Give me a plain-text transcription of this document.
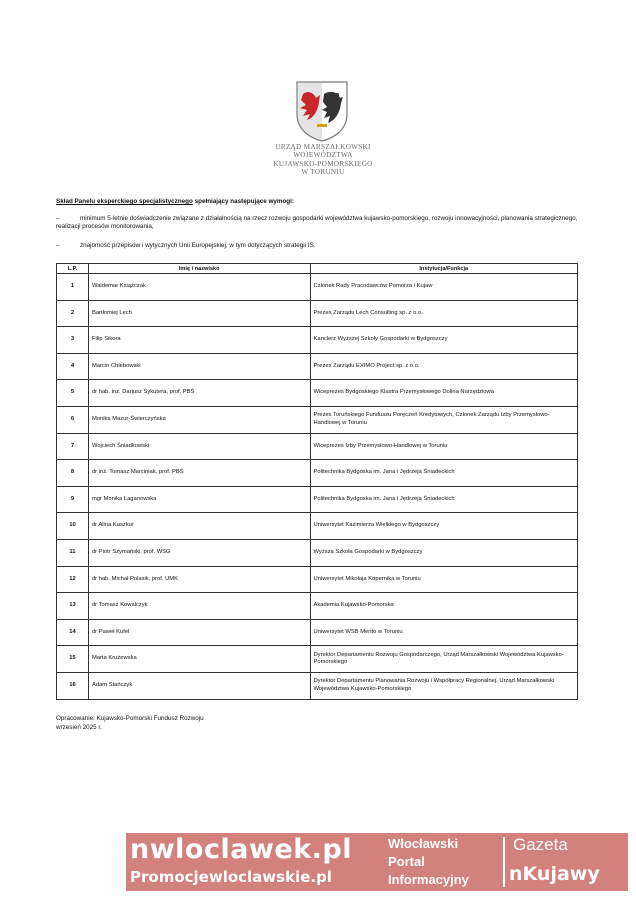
URZĄD MARSZAŁKOWSKI
WOJEWÓDZTWA
KUJAWSKO-POMORSKIEGO
W TORUNIU
Skład Panelu eksperckiego specjalistycznego spełniający następujące wymogi:
–	minimum 5-letnie doświadczenie związane z działalnością na rzecz rozwoju gospodarki województwa kujawsko-pomorskiego, rozwoju innowacyjności, planowania strategicznego, realizacji procesów monitorowania,
–	znajomość przepisów i wytycznych Unii Europejskiej, w tym dotyczących strategii IS.
L.P.	Imię i nazwisko	Instytucja/Funkcja
1	Waldemar Książczak	Członek Rady Pracodawców Pomorza i Kujaw
2	Bartłomiej Lech	Prezes Zarządu Lech Consulting sp. z o.o.
3	Filip Sikora	Kanclerz Wyższej Szkoły Gospodarki w Bydgoszczy
4	Marcin Chlebowski	Prezes Zarządu EXIMO Project sp. z o.o.
5	dr hab. inż. Dariusz Sykutera, prof. PBŚ	Wiceprezes Bydgoskiego Klastra Przemysłowego Dolina Narzędziowa
6	Monika Mazur-Świerczyńska	Prezes Toruńskiego Funduszu Poręczeń Kredytowych, Członek Zarządu Izby Przemysłowo-Handlowej w Toruniu
7	Wojciech Śniadkowski	Wiceprezes Izby Przemysłowo-Handlowej w Toruniu
8	dr inż. Tomasz Marciniak, prof. PBŚ	Politechnika Bydgoska im. Jana i Jędrzeja Śniadeckich
9	mgr Monika Łaganowska	Politechnika Bydgoska im. Jana i Jędrzeja Śniadeckich
10	dr Alina Kaszkur	Uniwersytet Kazimierza Wielkiego w Bydgoszczy
11	dr Piotr Szymański, prof. WSG	Wyższa Szkoła Gospodarki w Bydgoszczy
12	dr hab. Michał Polasik, prof. UMK	Uniwersytet Mikołaja Kopernika w Toruniu
13	dr Tomasz Kowalczyk	Akademia Kujawsko-Pomorska
14	dr Paweł Kufel	Uniwersytet WSB Merito w Toruniu
15	Marta Krużewska	Dyrektor Departamentu Rozwoju Gospodarczego, Urząd Marszałkowski Województwa Kujawsko-Pomorskiego
16	Adam Stańczyk	Dyrektor Departamentu Planowania Rozwoju i Współpracy Regionalnej, Urząd Marszałkowski Województwa Kujawsko-Pomorskiego
Opracowanie: Kujawsko-Pomorski Fundusz Rozwoju
wrzesień 2025 r.
nwloclawek.pl
Promocjewloclawskie.pl
Włocławski
Portal
Informacyjny
Gazeta
nKujawy
